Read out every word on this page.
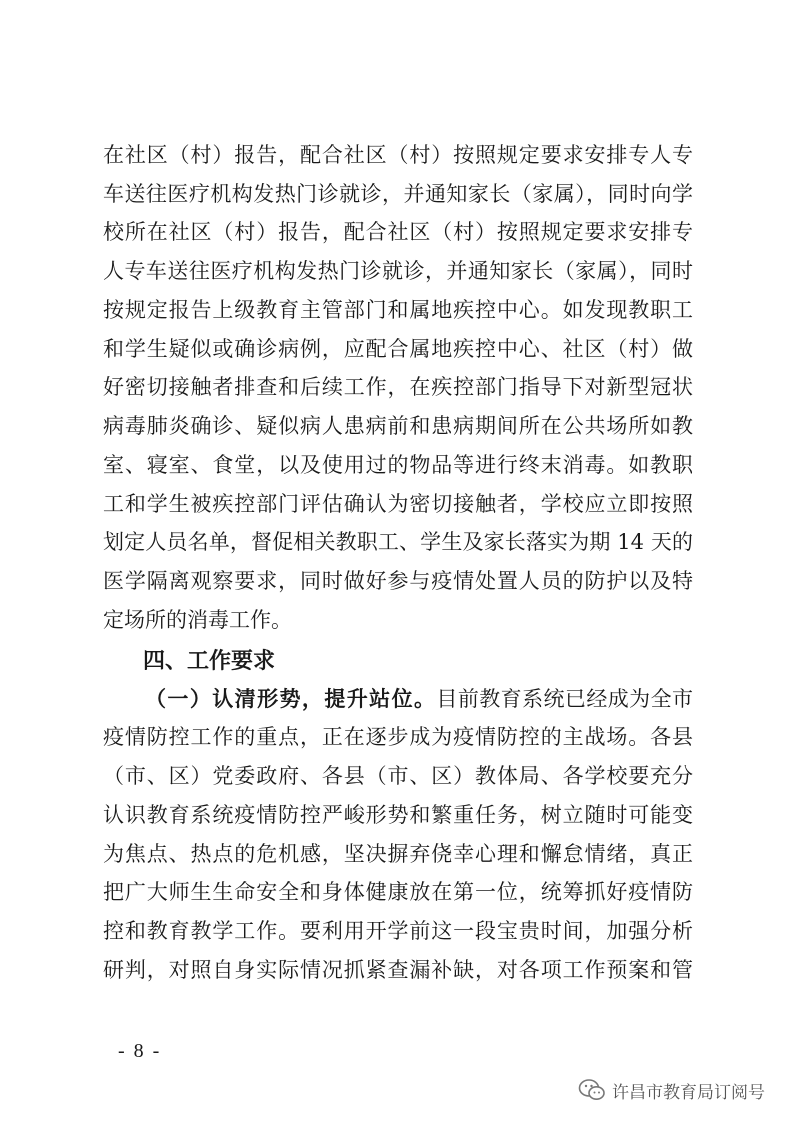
在社区（村）报告，配合社区（村）按照规定要求安排专人专
车送往医疗机构发热门诊就诊，并通知家长（家属），同时向学
校所在社区（村）报告，配合社区（村）按照规定要求安排专
人专车送往医疗机构发热门诊就诊，并通知家长（家属），同时
按规定报告上级教育主管部门和属地疾控中心。如发现教职工
和学生疑似或确诊病例，应配合属地疾控中心、社区（村）做
好密切接触者排查和后续工作，在疾控部门指导下对新型冠状
病毒肺炎确诊、疑似病人患病前和患病期间所在公共场所如教
室、寝室、食堂，以及使用过的物品等进行终末消毒。如教职
工和学生被疾控部门评估确认为密切接触者，学校应立即按照
划定人员名单，督促相关教职工、学生及家长落实为期 14 天的
医学隔离观察要求，同时做好参与疫情处置人员的防护以及特
定场所的消毒工作。
四、工作要求
（一）认清形势，提升站位。目前教育系统已经成为全市
疫情防控工作的重点，正在逐步成为疫情防控的主战场。各县
（市、区）党委政府、各县（市、区）教体局、各学校要充分
认识教育系统疫情防控严峻形势和繁重任务，树立随时可能变
为焦点、热点的危机感，坚决摒弃侥幸心理和懈怠情绪，真正
把广大师生生命安全和身体健康放在第一位，统筹抓好疫情防
控和教育教学工作。要利用开学前这一段宝贵时间，加强分析
研判，对照自身实际情况抓紧查漏补缺，对各项工作预案和管
- 8 -
许昌市教育局订阅号
